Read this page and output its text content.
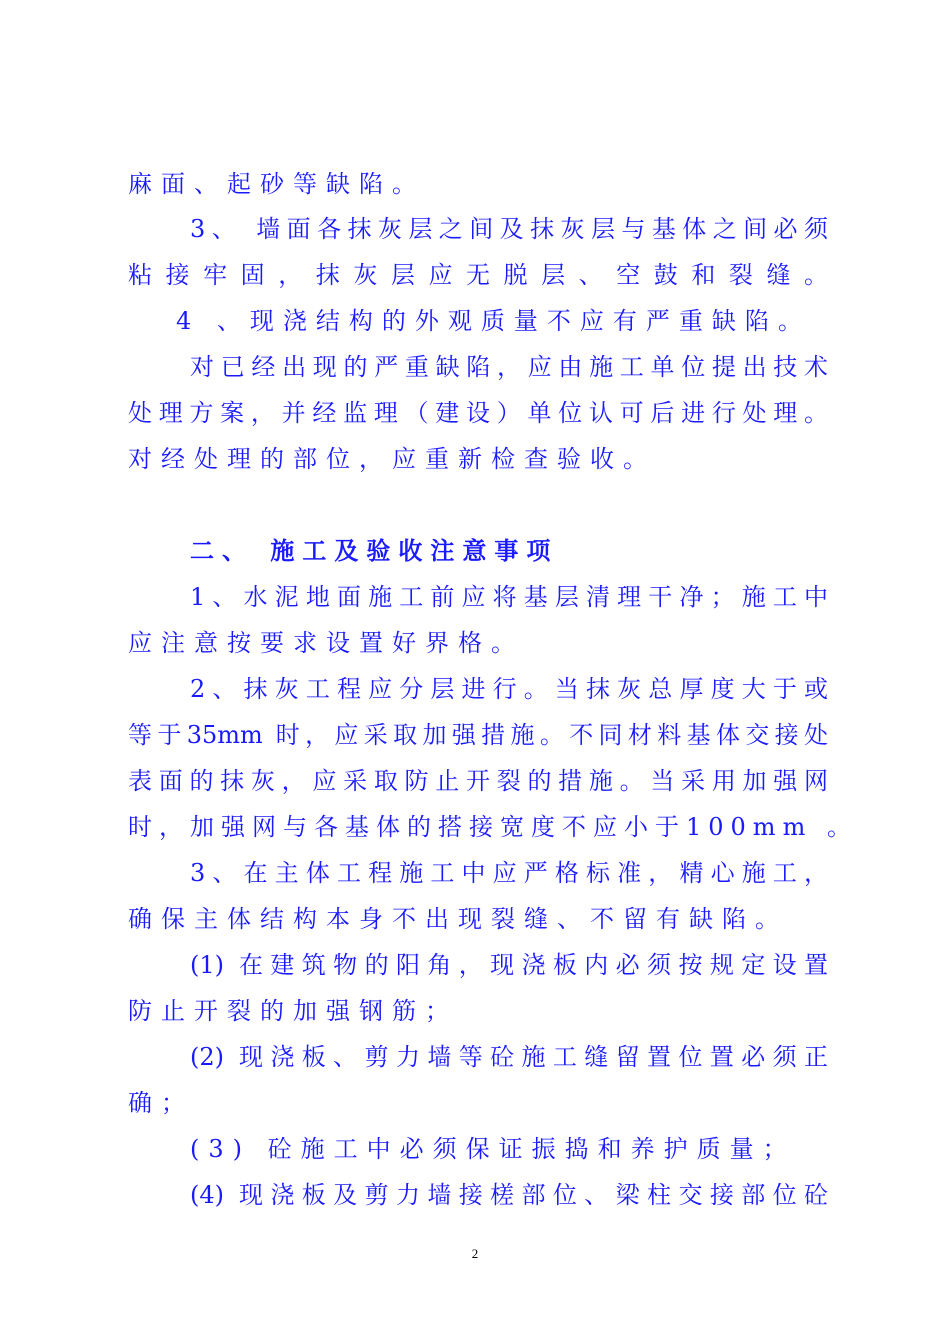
麻面、起砂等缺陷。
3、 墙面各抹灰层之间及抹灰层与基体之间必须
粘接牢固，抹灰层应无脱层、空鼓和裂缝。
4 、现浇结构的外观质量不应有严重缺陷。
对已经出现的严重缺陷，应由施工单位提出技术
处理方案，并经监理（建设）单位认可后进行处理。
对经处理的部位，应重新检查验收。
二、 施工及验收注意事项
1、水泥地面施工前应将基层清理干净；施工中
应注意按要求设置好界格。
2、抹灰工程应分层进行。当抹灰总厚度大于或
等于35mm 时，应采取加强措施。不同材料基体交接处
表面的抹灰，应采取防止开裂的措施。当采用加强网
时，加强网与各基体的搭接宽度不应小于100mm 。
3、在主体工程施工中应严格标准，精心施工，
确保主体结构本身不出现裂缝、不留有缺陷。
(1) 在建筑物的阳角，现浇板内必须按规定设置
防止开裂的加强钢筋；
(2) 现浇板、剪力墙等砼施工缝留置位置必须正
确；
(3) 砼施工中必须保证振捣和养护质量；
(4) 现浇板及剪力墙接槎部位、梁柱交接部位砼
2
